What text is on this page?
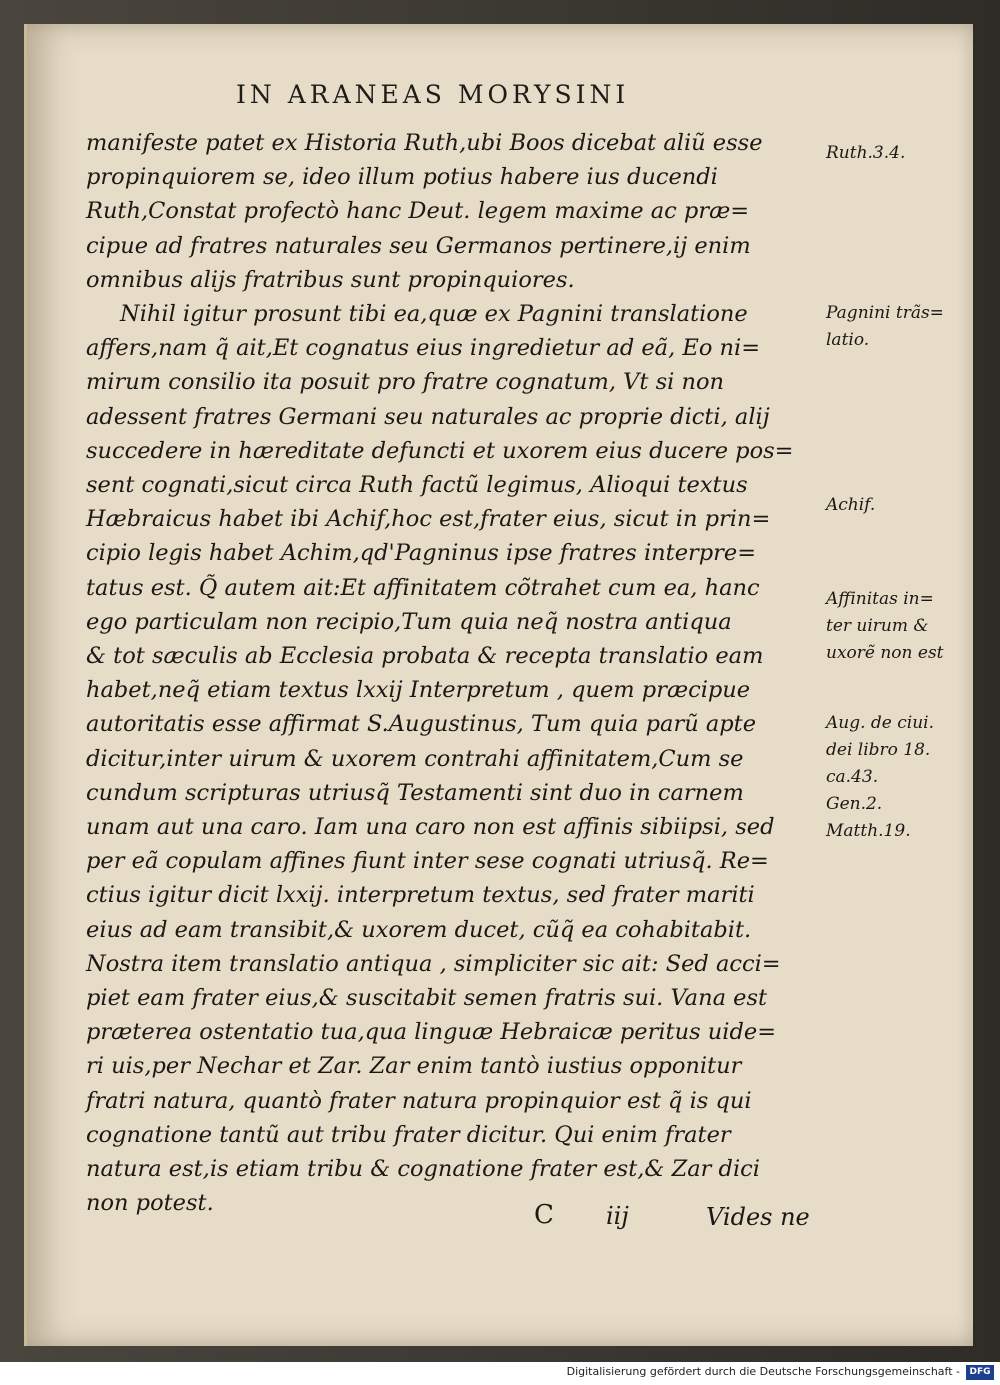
IN ARANEAS MORYSINI
manifeste patet ex Historia Ruth,ubi Boos dicebat aliũ esse
propinquiorem se, ideo illum potius habere ius ducendi
Ruth,Constat profectò hanc Deut. legem maxime ac præ=
cipue ad fratres naturales seu Germanos pertinere,ij enim
omnibus alijs fratribus sunt propinquiores.
Nihil igitur prosunt tibi ea,quæ ex Pagnini translatione
affers,nam q̃ ait,Et cognatus eius ingredietur ad eã, Eo ni=
mirum consilio ita posuit pro fratre cognatum, Vt si non
adessent fratres Germani seu naturales ac proprie dicti, alij
succedere in hæreditate defuncti et uxorem eius ducere pos=
sent cognati,sicut circa Ruth factũ legimus, Alioqui textus
Hæbraicus habet ibi Achif,hoc est,frater eius, sicut in prin=
cipio legis habet Achim,qd'Pagninus ipse fratres interpre=
tatus est. Q̃ autem ait:Et affinitatem cõtrahet cum ea, hanc
ego particulam non recipio,Tum quia neq̃ nostra antiqua
& tot sæculis ab Ecclesia probata & recepta translatio eam
habet,neq̃ etiam textus lxxij Interpretum , quem præcipue
autoritatis esse affirmat S.Augustinus, Tum quia parũ apte
dicitur,inter uirum & uxorem contrahi affinitatem,Cum se
cundum scripturas utriusq̃ Testamenti sint duo in carnem
unam aut una caro. Iam una caro non est affinis sibiipsi, sed
per eã copulam affines fiunt inter sese cognati utriusq̃. Re=
ctius igitur dicit lxxij. interpretum textus, sed frater mariti
eius ad eam transibit,& uxorem ducet, cũq̃ ea cohabitabit.
Nostra item translatio antiqua , simpliciter sic ait: Sed acci=
piet eam frater eius,& suscitabit semen fratris sui. Vana est
præterea ostentatio tua,qua linguæ Hebraicæ peritus uide=
ri uis,per Nechar et Zar. Zar enim tantò iustius opponitur
fratri natura, quantò frater natura propinquior est q̃ is qui
cognatione tantũ aut tribu frater dicitur. Qui enim frater
natura est,is etiam tribu & cognatione frater est,& Zar dici
non potest.
Ruth.3.4.
Pagnini trãs=
latio.
Achif.
Affinitas in=
ter uirum &
uxorẽ non est
Aug. de ciui.
dei libro 18.
ca.43.
Gen.2.
Matth.19.
C iij	Vides ne
Digitalisierung gefördert durch die Deutsche Forschungsgemeinschaft -	DFG
